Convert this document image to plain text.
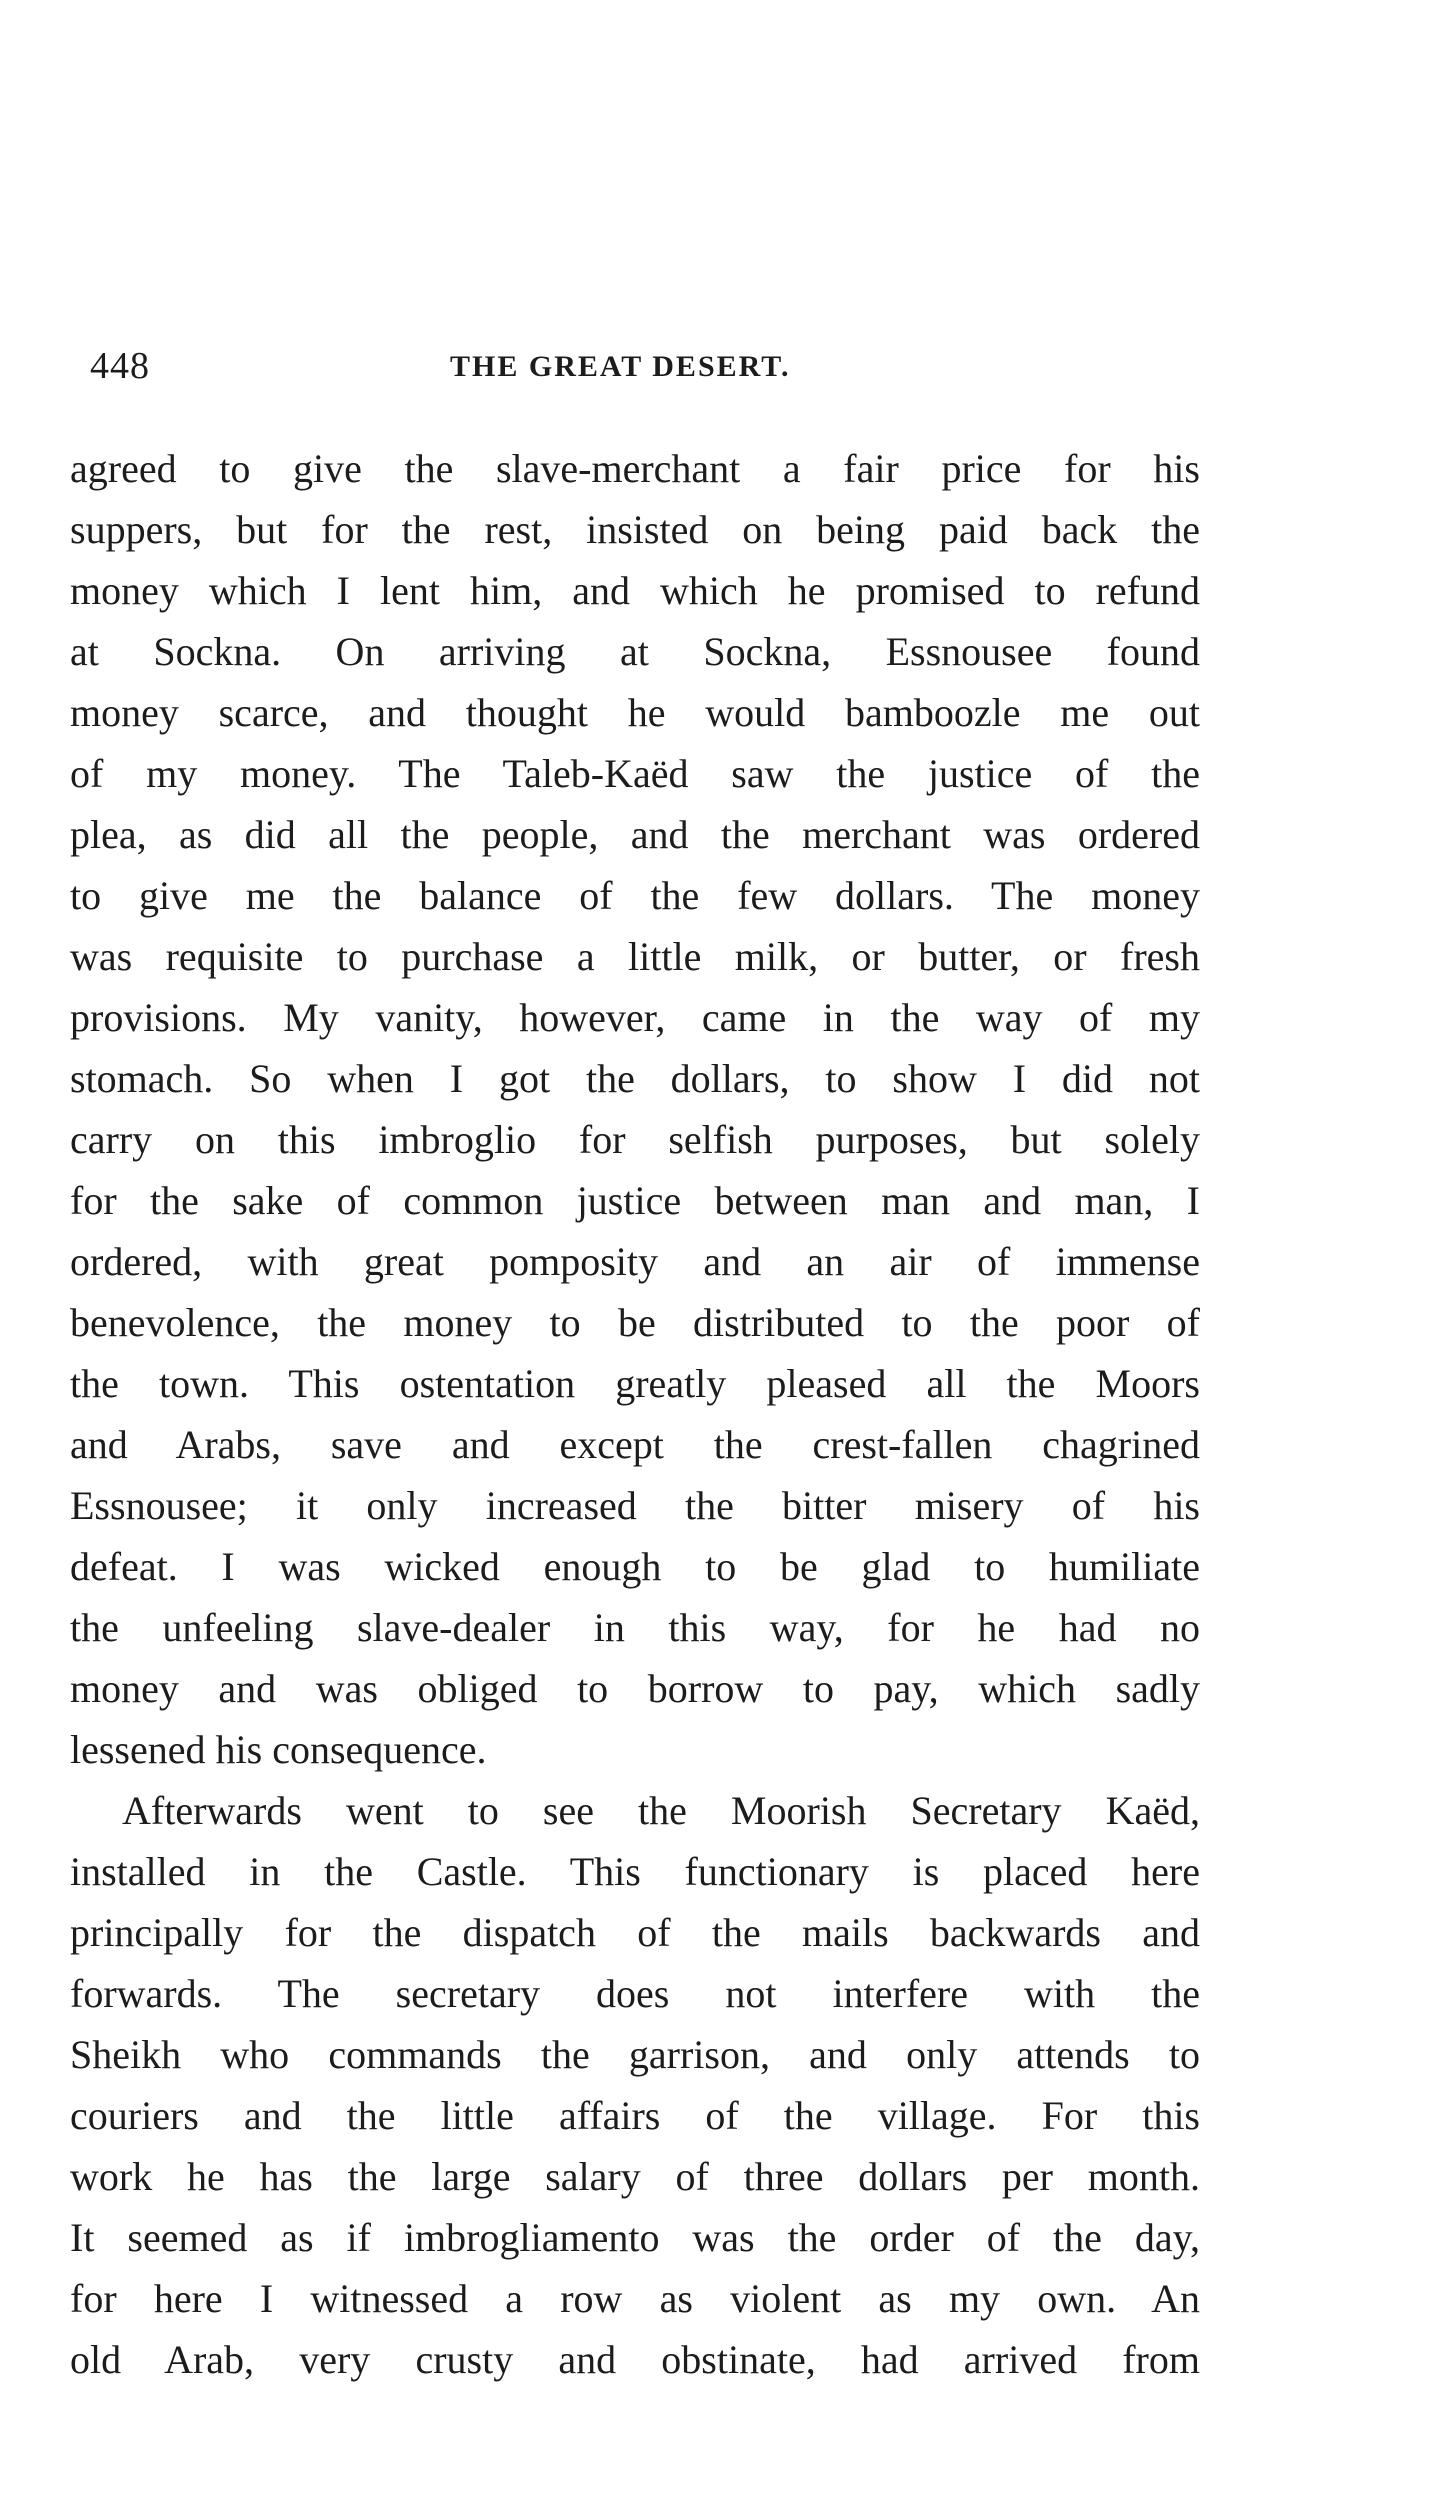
448	THE GREAT DESERT.
agreed to give the slave-merchant a fair price for his
suppers, but for the rest, insisted on being paid back the
money which I lent him, and which he promised to refund
at Sockna. On arriving at Sockna, Essnousee found
money scarce, and thought he would bamboozle me out
of my money. The Taleb-Kaëd saw the justice of the
plea, as did all the people, and the merchant was ordered
to give me the balance of the few dollars. The money
was requisite to purchase a little milk, or butter, or fresh
provisions. My vanity, however, came in the way of my
stomach. So when I got the dollars, to show I did not
carry on this imbroglio for selfish purposes, but solely
for the sake of common justice between man and man, I
ordered, with great pomposity and an air of immense
benevolence, the money to be distributed to the poor of
the town. This ostentation greatly pleased all the Moors
and Arabs, save and except the crest-fallen chagrined
Essnousee; it only increased the bitter misery of his
defeat. I was wicked enough to be glad to humiliate
the unfeeling slave-dealer in this way, for he had no
money and was obliged to borrow to pay, which sadly
lessened his consequence.
Afterwards went to see the Moorish Secretary Kaëd,
installed in the Castle. This functionary is placed here
principally for the dispatch of the mails backwards and
forwards. The secretary does not interfere with the
Sheikh who commands the garrison, and only attends to
couriers and the little affairs of the village. For this
work he has the large salary of three dollars per month.
It seemed as if imbrogliamento was the order of the day,
for here I witnessed a row as violent as my own. An
old Arab, very crusty and obstinate, had arrived from
